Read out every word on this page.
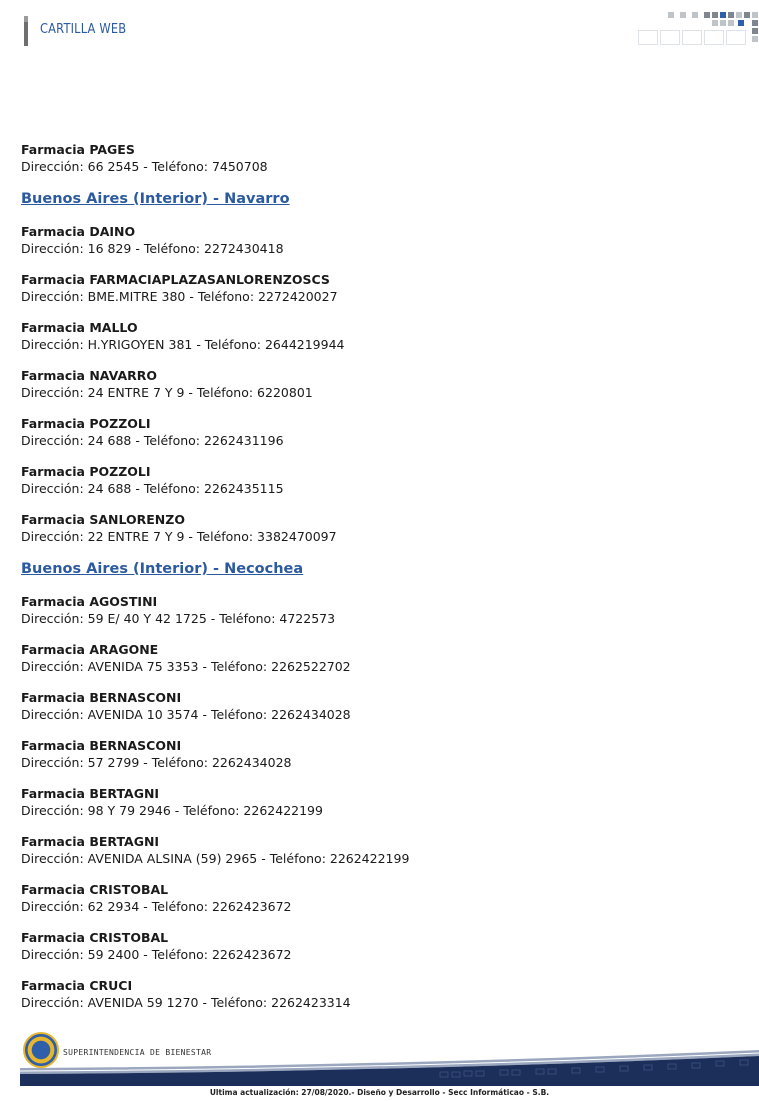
CARTILLA WEB
Farmacia PAGES
Dirección: 66 2545 - Teléfono: 7450708
Buenos Aires (Interior) - Navarro
Farmacia DAINO
Dirección: 16 829 - Teléfono: 2272430418
Farmacia FARMACIAPLAZASANLORENZOSCS
Dirección: BME.MITRE 380 - Teléfono: 2272420027
Farmacia MALLO
Dirección: H.YRIGOYEN 381 - Teléfono: 2644219944
Farmacia NAVARRO
Dirección: 24 ENTRE 7 Y 9 - Teléfono: 6220801
Farmacia POZZOLI
Dirección: 24 688 - Teléfono: 2262431196
Farmacia POZZOLI
Dirección: 24 688 - Teléfono: 2262435115
Farmacia SANLORENZO
Dirección: 22 ENTRE 7 Y 9 - Teléfono: 3382470097
Buenos Aires (Interior) - Necochea
Farmacia AGOSTINI
Dirección: 59 E/ 40 Y 42 1725 - Teléfono: 4722573
Farmacia ARAGONE
Dirección: AVENIDA 75 3353 - Teléfono: 2262522702
Farmacia BERNASCONI
Dirección: AVENIDA 10 3574 - Teléfono: 2262434028
Farmacia BERNASCONI
Dirección: 57 2799 - Teléfono: 2262434028
Farmacia BERTAGNI
Dirección: 98 Y 79 2946 - Teléfono: 2262422199
Farmacia BERTAGNI
Dirección: AVENIDA ALSINA (59) 2965 - Teléfono: 2262422199
Farmacia CRISTOBAL
Dirección: 62 2934 - Teléfono: 2262423672
Farmacia CRISTOBAL
Dirección: 59 2400 - Teléfono: 2262423672
Farmacia CRUCI
Dirección: AVENIDA 59 1270 - Teléfono: 2262423314
SUPERINTENDENCIA DE BIENESTAR
Ultima actualización: 27/08/2020.- Diseño y Desarrollo - Secc Informáticao - S.B.
